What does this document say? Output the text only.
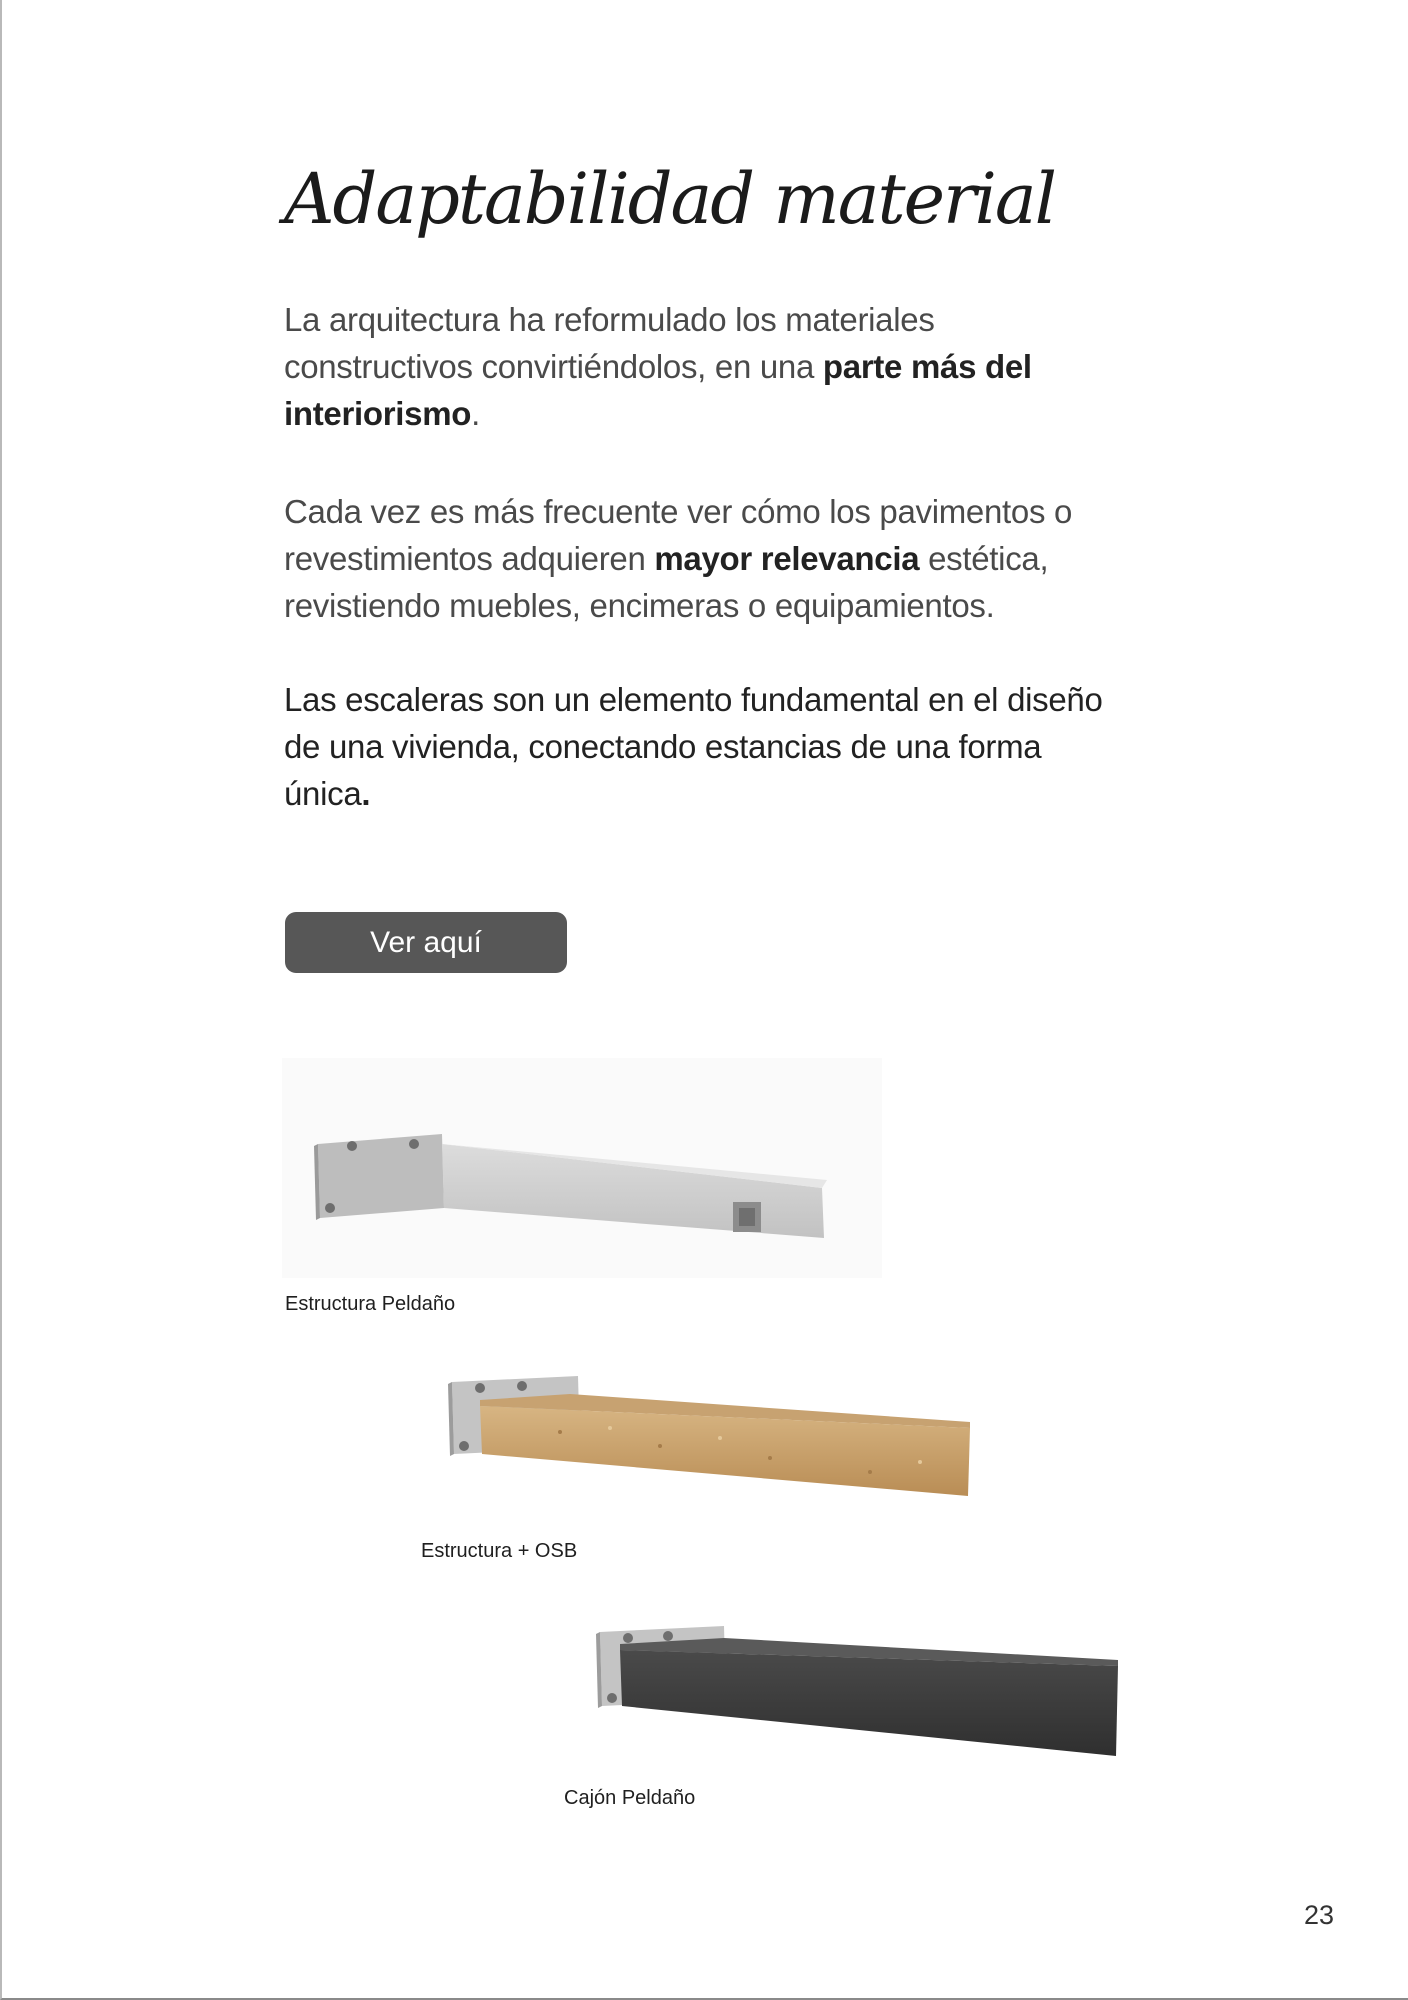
Adaptabilidad material

La arquitectura ha reformulado los materiales constructivos convirtiéndolos, en una parte más del interiorismo.

Cada vez es más frecuente ver cómo los pavimentos o revestimientos adquieren mayor relevancia estética, revistiendo muebles, encimeras o equipamientos.

Las escaleras son un elemento fundamental en el diseño de una vivienda, conectando estancias de una forma única.

Ver aquí
Estructura Peldaño
Estructura + OSB
Cajón Peldaño
23
